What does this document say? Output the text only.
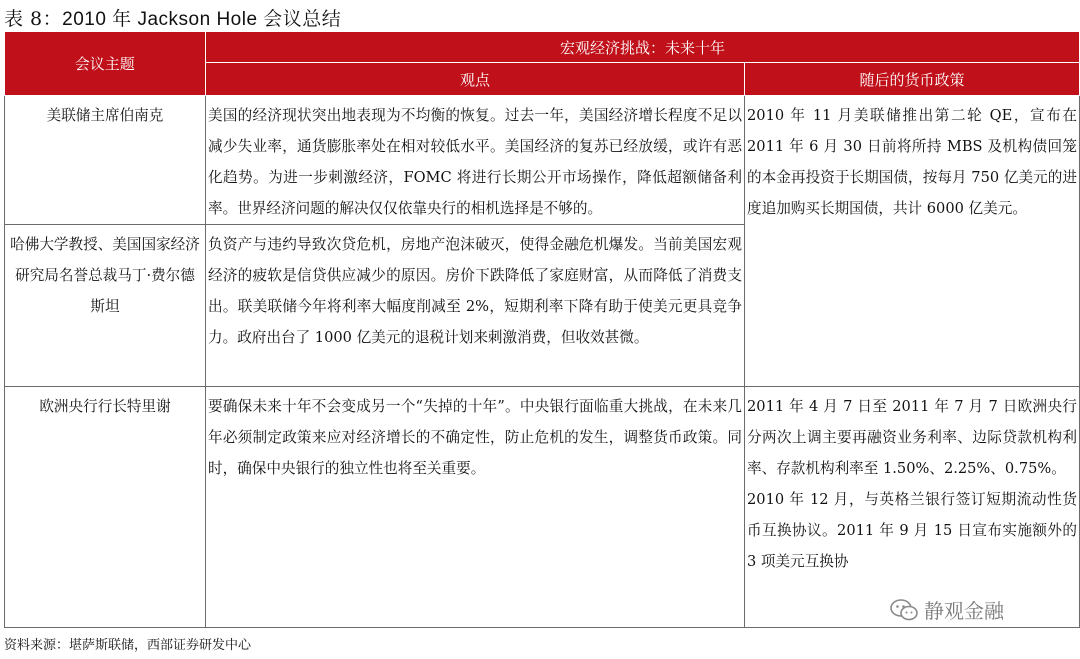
表 8：2010 年 Jackson Hole 会议总结
会议主题	宏观经济挑战：未来十年	
	观点	随后的货币政策
美联储主席伯南克	美国的经济现状突出地表现为不均衡的恢复。过去一年，美国经济增长程度不足以减少失业率，通货膨胀率处在相对较低水平。美国经济的复苏已经放缓，或许有恶化趋势。为进一步刺激经济，FOMC 将进行长期公开市场操作，降低超额储备利率。世界经济问题的解决仅仅依靠央行的相机选择是不够的。	2010 年 11 月美联储推出第二轮 QE，宣布在 2011 年 6 月 30 日前将所持 MBS 及机构债回笼的本金再投资于长期国债，按每月 750 亿美元的进度追加购买长期国债，共计 6000 亿美元。
哈佛大学教授、美国国家经济研究局名誉总裁马丁·费尔德斯坦	负资产与违约导致次贷危机，房地产泡沫破灭，使得金融危机爆发。当前美国宏观经济的疲软是信贷供应减少的原因。房价下跌降低了家庭财富，从而降低了消费支出。联美联储今年将利率大幅度削减至 2%，短期利率下降有助于使美元更具竞争力。政府出台了 1000 亿美元的退税计划来刺激消费，但收效甚微。	
欧洲央行行长特里谢	要确保未来十年不会变成另一个“失掉的十年”。中央银行面临重大挑战，在未来几年必须制定政策来应对经济增长的不确定性，防止危机的发生，调整货币政策。同时，确保中央银行的独立性也将至关重要。	2011 年 4 月 7 日至 2011 年 7 月 7 日欧洲央行分两次上调主要再融资业务利率、边际贷款机构利率、存款机构利率至 1.50%、2.25%、0.75%。
2010 年 12 月，与英格兰银行签订短期流动性货币互换协议。2011 年 9 月 15 日宣布实施额外的 3 项美元互换协
静观金融
资料来源：堪萨斯联储，西部证券研发中心
